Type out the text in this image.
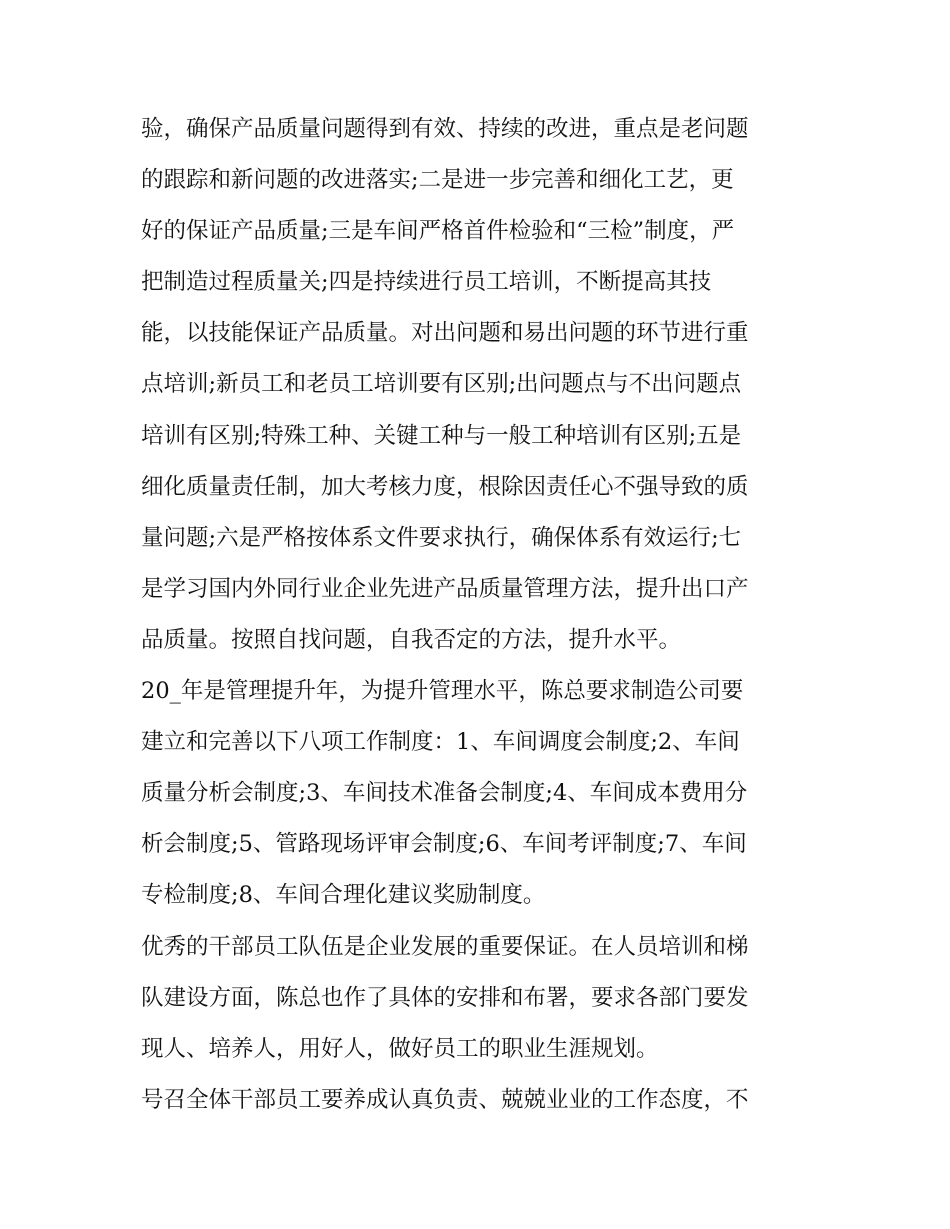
验，确保产品质量问题得到有效、持续的改进，重点是老问题
的跟踪和新问题的改进落实;二是进一步完善和细化工艺，更
好的保证产品质量;三是车间严格首件检验和“三检”制度，严
把制造过程质量关;四是持续进行员工培训，不断提高其技
能，以技能保证产品质量。对出问题和易出问题的环节进行重
点培训;新员工和老员工培训要有区别;出问题点与不出问题点
培训有区别;特殊工种、关键工种与一般工种培训有区别;五是
细化质量责任制，加大考核力度，根除因责任心不强导致的质
量问题;六是严格按体系文件要求执行，确保体系有效运行;七
是学习国内外同行业企业先进产品质量管理方法，提升出口产
品质量。按照自找问题，自我否定的方法，提升水平。
20_年是管理提升年，为提升管理水平，陈总要求制造公司要
建立和完善以下八项工作制度：1、车间调度会制度;2、车间
质量分析会制度;3、车间技术准备会制度;4、车间成本费用分
析会制度;5、管路现场评审会制度;6、车间考评制度;7、车间
专检制度;8、车间合理化建议奖励制度。
优秀的干部员工队伍是企业发展的重要保证。在人员培训和梯
队建设方面，陈总也作了具体的安排和布署，要求各部门要发
现人、培养人，用好人，做好员工的职业生涯规划。
号召全体干部员工要养成认真负责、兢兢业业的工作态度，不
